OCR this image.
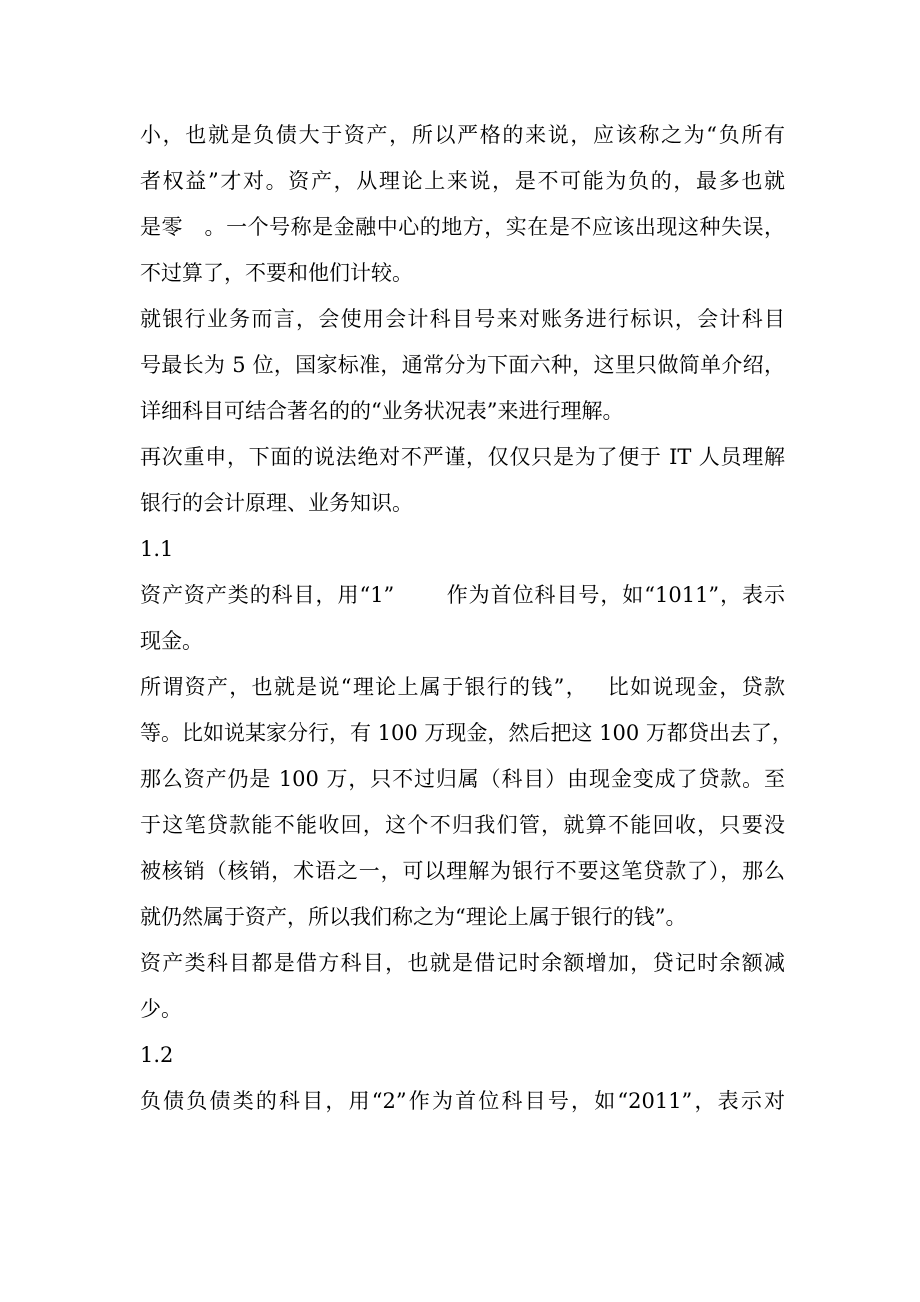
小，也就是负债大于资产，所以严格的来说，应该称之为“负所有
者权益”才对。资产，从理论上来说，是不可能为负的，最多也就
是零　。一个号称是金融中心的地方，实在是不应该出现这种失误，
不过算了，不要和他们计较。
就银行业务而言，会使用会计科目号来对账务进行标识，会计科目
号最长为 5 位，国家标准，通常分为下面六种，这里只做简单介绍，
详细科目可结合著名的的“业务状况表”来进行理解。
再次重申，下面的说法绝对不严谨，仅仅只是为了便于 IT 人员理解
银行的会计原理、业务知识。
1.1
资产资产类的科目，用“1”　　 作为首位科目号，如“1011”，表示
现金。
所谓资产，也就是说“理论上属于银行的钱”，　 比如说现金，贷款
等。比如说某家分行，有 100 万现金，然后把这 100 万都贷出去了，
那么资产仍是 100 万，只不过归属（科目）由现金变成了贷款。至
于这笔贷款能不能收回，这个不归我们管，就算不能回收，只要没
被核销（核销，术语之一，可以理解为银行不要这笔贷款了），那么
就仍然属于资产，所以我们称之为“理论上属于银行的钱”。
资产类科目都是借方科目，也就是借记时余额增加，贷记时余额减
少。
1.2
负债负债类的科目，用“2”作为首位科目号，如“2011”，表示对
